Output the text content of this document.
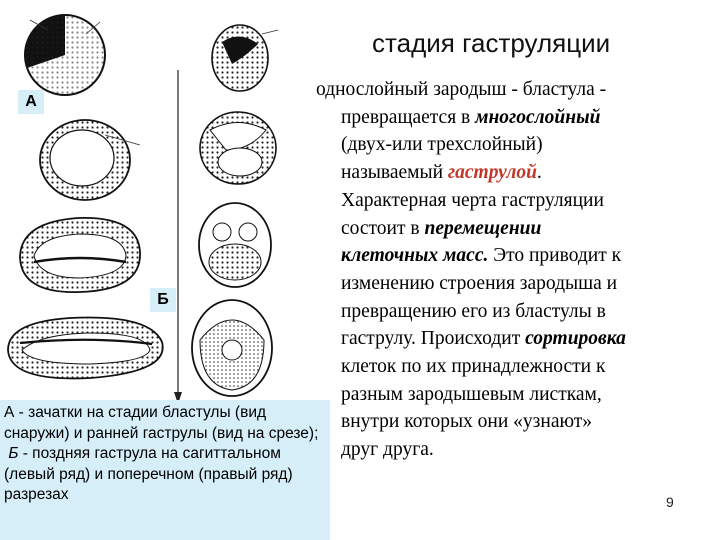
А
Б
стадия гаструляции
однослойный зародыш - бластула -
превращается в многослойный
(двух-или трехслойный)
называемый гаструлой.
Характерная черта гаструляции
состоит в перемещении
клеточных масс. Это приводит к
изменению строения зародыша и
превращению его из бластулы в
гаструлу. Происходит сортировка
клеток по их принадлежности к
разным зародышевым листкам,
внутри которых они «узнают»
друг друга.
А - зачатки на стадии бластулы (вид снаружи) и ранней гаструлы (вид на срезе);
Б - поздняя гаструла на сагиттальном (левый ряд) и поперечном (правый ряд) разрезах	9
